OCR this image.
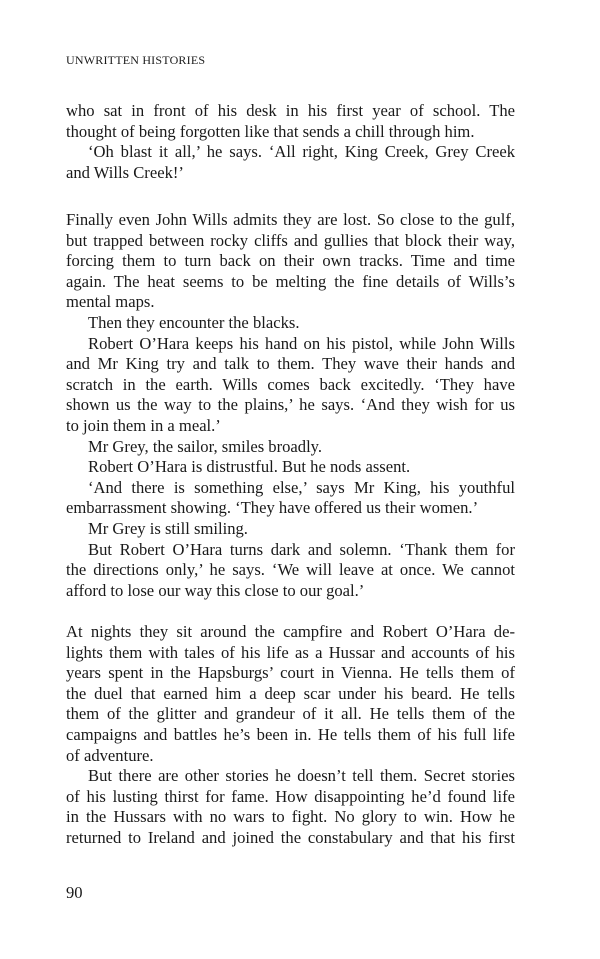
UNWRITTEN HISTORIES

who sat in front of his desk in his first year of school. The

thought of being forgotten like that sends a chill through him.

‘Oh blast it all,’ he says. ‘All right, King Creek, Grey Creek

and Wills Creek!’

Finally even John Wills admits they are lost. So close to the gulf,

but trapped between rocky cliffs and gullies that block their way,

forcing them to turn back on their own tracks. Time and time

again. The heat seems to be melting the fine details of Wills’s

mental maps.

Then they encounter the blacks.

Robert O’Hara keeps his hand on his pistol, while John Wills

and Mr King try and talk to them. They wave their hands and

scratch in the earth. Wills comes back excitedly. ‘They have

shown us the way to the plains,’ he says. ‘And they wish for us

to join them in a meal.’

Mr Grey, the sailor, smiles broadly.

Robert O’Hara is distrustful. But he nods assent.

‘And there is something else,’ says Mr King, his youthful

embarrassment showing. ‘They have offered us their women.’

Mr Grey is still smiling.

But Robert O’Hara turns dark and solemn. ‘Thank them for

the directions only,’ he says. ‘We will leave at once. We cannot

afford to lose our way this close to our goal.’

At nights they sit around the campfire and Robert O’Hara de-

lights them with tales of his life as a Hussar and accounts of his

years spent in the Hapsburgs’ court in Vienna. He tells them of

the duel that earned him a deep scar under his beard. He tells

them of the glitter and grandeur of it all. He tells them of the

campaigns and battles he’s been in. He tells them of his full life

of adventure.

But there are other stories he doesn’t tell them. Secret stories

of his lusting thirst for fame. How disappointing he’d found life

in the Hussars with no wars to fight. No glory to win. How he

returned to Ireland and joined the constabulary and that his first

90
